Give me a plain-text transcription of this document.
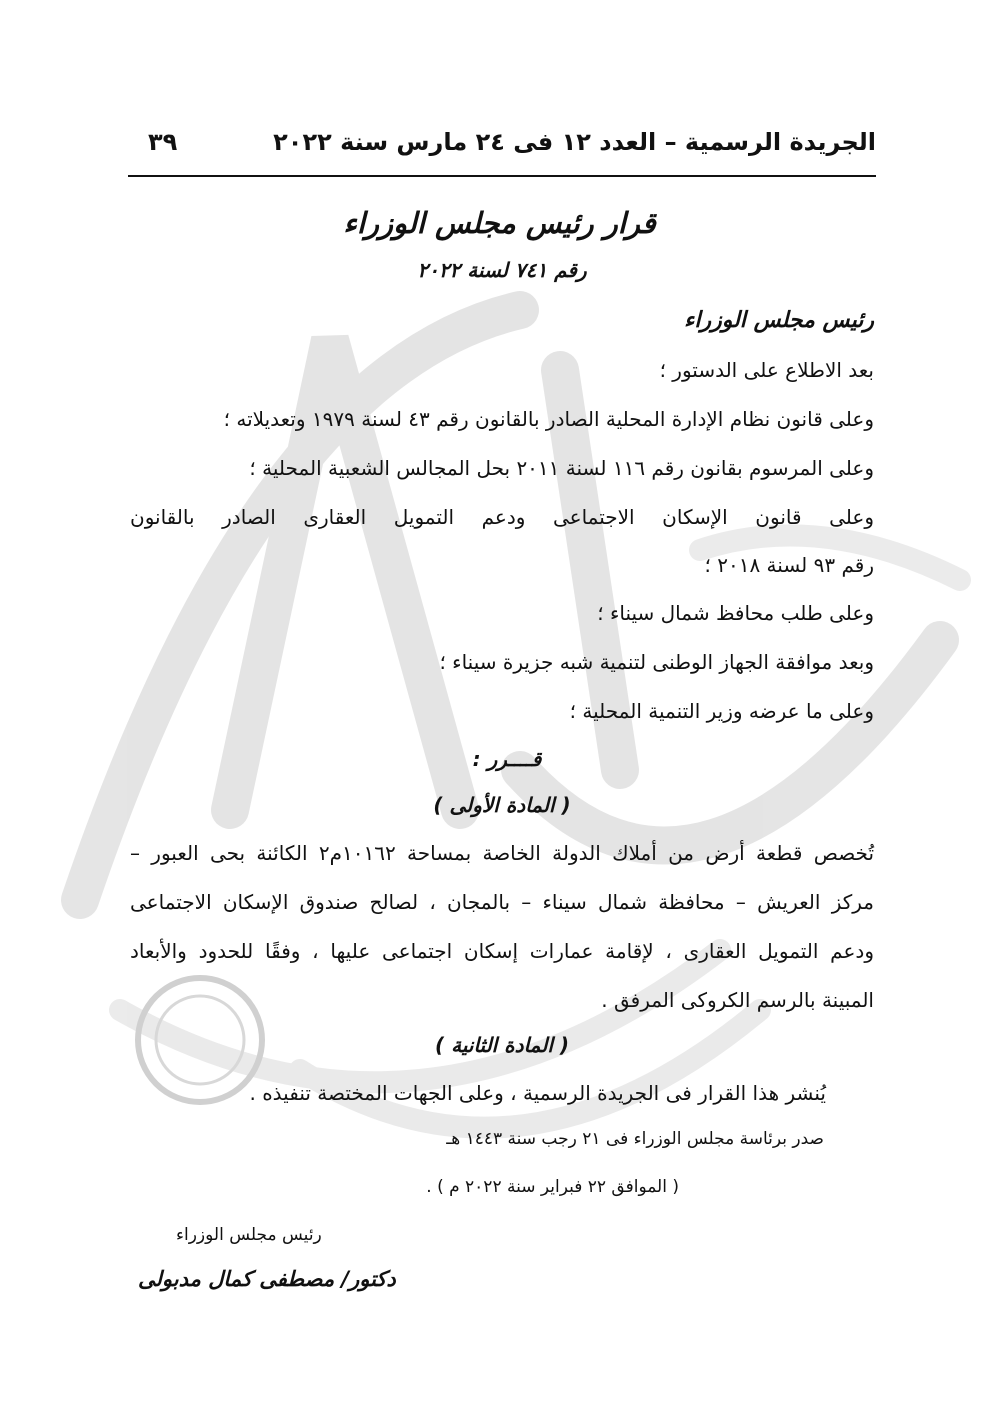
الجريدة الرسمية – العدد ١٢ فى ٢٤ مارس سنة ٢٠٢٢
٣٩
قرار رئيس مجلس الوزراء
رقم ٧٤١ لسنة ٢٠٢٢
رئيس مجلس الوزراء
بعد الاطلاع على الدستور ؛
وعلى قانون نظام الإدارة المحلية الصادر بالقانون رقم ٤٣ لسنة ١٩٧٩ وتعديلاته ؛
وعلى المرسوم بقانون رقم ١١٦ لسنة ٢٠١١ بحل المجالس الشعبية المحلية ؛
وعلى قانون الإسكان الاجتماعى ودعم التمويل العقارى الصادر بالقانون
رقم ٩٣ لسنة ٢٠١٨ ؛
وعلى طلب محافظ شمال سيناء ؛
وبعد موافقة الجهاز الوطنى لتنمية شبه جزيرة سيناء ؛
وعلى ما عرضه وزير التنمية المحلية ؛
قــــرر :
( المادة الأولى )
تُخصص قطعة أرض من أملاك الدولة الخاصة بمساحة ١٠١٦٢م٢ الكائنة بحى العبور –
مركز العريش – محافظة شمال سيناء – بالمجان ، لصالح صندوق الإسكان الاجتماعى
ودعم التمويل العقارى ، لإقامة عمارات إسكان اجتماعى عليها ، وفقًا للحدود والأبعاد
المبينة بالرسم الكروكى المرفق .
( المادة الثانية )
يُنشر هذا القرار فى الجريدة الرسمية ، وعلى الجهات المختصة تنفيذه .
صدر برئاسة مجلس الوزراء فى ٢١ رجب سنة ١٤٤٣ هـ
( الموافق ٢٢ فبراير سنة ٢٠٢٢ م ) .
رئيس مجلس الوزراء
دكتور/ مصطفى كمال مدبولى
